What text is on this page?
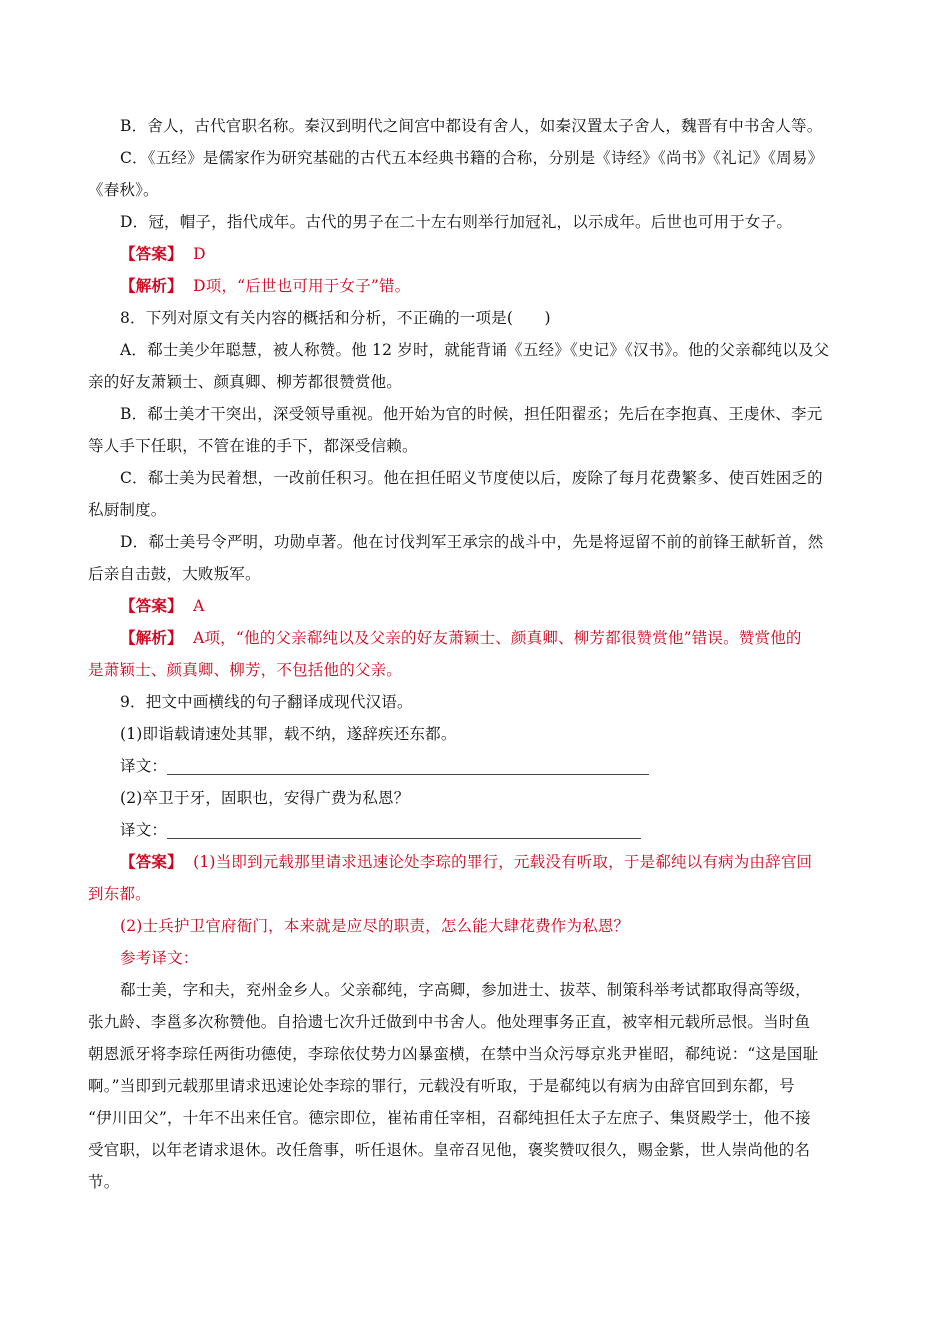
B．舍人，古代官职名称。秦汉到明代之间宫中都设有舍人，如秦汉置太子舍人，魏晋有中书舍人等。
C．《五经》是儒家作为研究基础的古代五本经典书籍的合称，分别是《诗经》《尚书》《礼记》《周易》
《春秋》。
D．冠，帽子，指代成年。古代的男子在二十左右则举行加冠礼，以示成年。后世也可用于女子。
【答案】 D
【解析】 D项，“后世也可用于女子”错。
8．下列对原文有关内容的概括和分析，不正确的一项是(　　)
A．郗士美少年聪慧，被人称赞。他 12 岁时，就能背诵《五经》《史记》《汉书》。他的父亲郗纯以及父
亲的好友萧颖士、颜真卿、柳芳都很赞赏他。
B．郗士美才干突出，深受领导重视。他开始为官的时候，担任阳翟丞；先后在李抱真、王虔休、李元
等人手下任职，不管在谁的手下，都深受信赖。
C．郗士美为民着想，一改前任积习。他在担任昭义节度使以后，废除了每月花费繁多、使百姓困乏的
私厨制度。
D．郗士美号令严明，功勋卓著。他在讨伐判军王承宗的战斗中，先是将逗留不前的前锋王献斩首，然
后亲自击鼓，大败叛军。
【答案】 A
【解析】 A项，“他的父亲郗纯以及父亲的好友萧颖士、颜真卿、柳芳都很赞赏他”错误。赞赏他的
是萧颖士、颜真卿、柳芳，不包括他的父亲。
9．把文中画横线的句子翻译成现代汉语。
(1)即诣载请速处其罪，载不纳，遂辞疾还东都。
译文：
(2)卒卫于牙，固职也，安得广费为私恩？
译文：
【答案】 (1)当即到元载那里请求迅速论处李琮的罪行，元载没有听取，于是郗纯以有病为由辞官回
到东都。
(2)士兵护卫官府衙门，本来就是应尽的职责，怎么能大肆花费作为私恩？
参考译文：
郗士美，字和夫，兖州金乡人。父亲郗纯，字高卿，参加进士、拔萃、制策科举考试都取得高等级，
张九龄、李邕多次称赞他。自拾遗七次升迁做到中书舍人。他处理事务正直，被宰相元载所忌恨。当时鱼
朝恩派牙将李琮任两街功德使，李琮依仗势力凶暴蛮横，在禁中当众污辱京兆尹崔昭，郗纯说：“这是国耻
啊。”当即到元载那里请求迅速论处李琮的罪行，元载没有听取，于是郗纯以有病为由辞官回到东都，号
“伊川田父”，十年不出来任官。德宗即位，崔祐甫任宰相，召郗纯担任太子左庶子、集贤殿学士，他不接
受官职，以年老请求退休。改任詹事，听任退休。皇帝召见他，褒奖赞叹很久，赐金紫，世人崇尚他的名
节。
